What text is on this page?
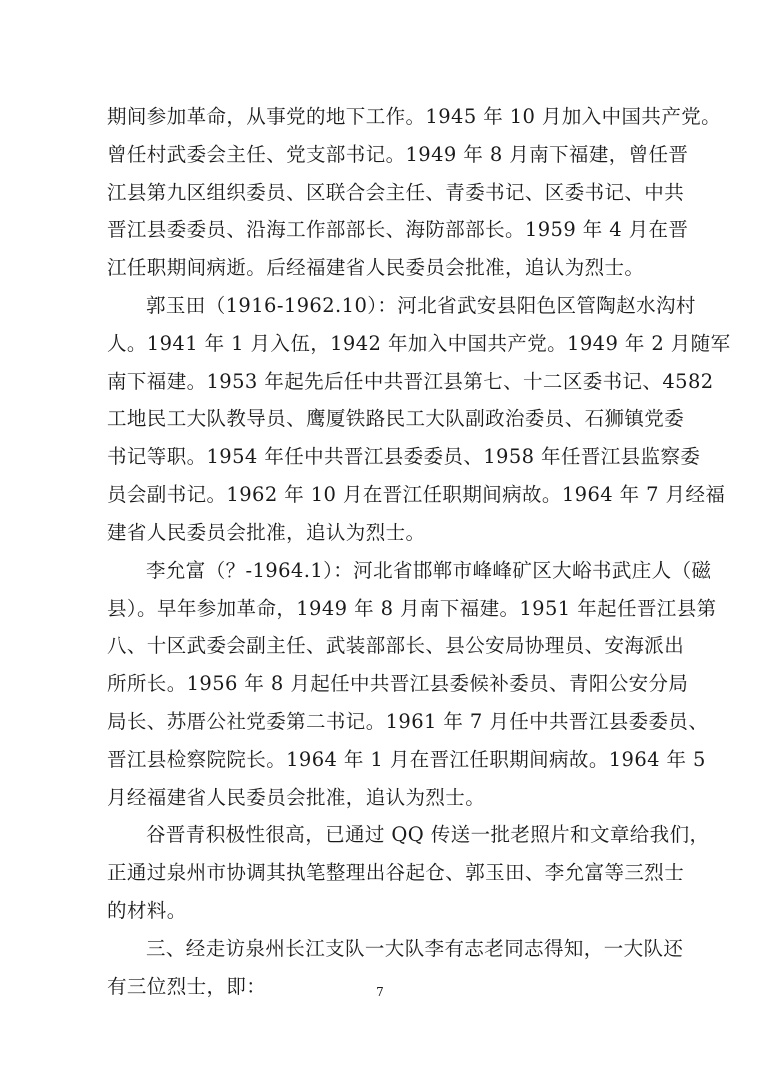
期间参加革命，从事党的地下工作。1945 年 10 月加入中国共产党。
曾任村武委会主任、党支部书记。1949 年 8 月南下福建，曾任晋
江县第九区组织委员、区联合会主任、青委书记、区委书记、中共
晋江县委委员、沿海工作部部长、海防部部长。1959 年 4 月在晋
江任职期间病逝。后经福建省人民委员会批准，追认为烈士。
郭玉田（1916-1962.10）：河北省武安县阳色区管陶赵水沟村
人。1941 年 1 月入伍，1942 年加入中国共产党。1949 年 2 月随军
南下福建。1953 年起先后任中共晋江县第七、十二区委书记、4582
工地民工大队教导员、鹰厦铁路民工大队副政治委员、石狮镇党委
书记等职。1954 年任中共晋江县委委员、1958 年任晋江县监察委
员会副书记。1962 年 10 月在晋江任职期间病故。1964 年 7 月经福
建省人民委员会批准，追认为烈士。
李允富（？-1964.1）：河北省邯郸市峰峰矿区大峪书武庄人（磁
县）。早年参加革命，1949 年 8 月南下福建。1951 年起任晋江县第
八、十区武委会副主任、武装部部长、县公安局协理员、安海派出
所所长。1956 年 8 月起任中共晋江县委候补委员、青阳公安分局
局长、苏厝公社党委第二书记。1961 年 7 月任中共晋江县委委员、
晋江县检察院院长。1964 年 1 月在晋江任职期间病故。1964 年 5
月经福建省人民委员会批准，追认为烈士。
谷晋青积极性很高，已通过 QQ 传送一批老照片和文章给我们，
正通过泉州市协调其执笔整理出谷起仓、郭玉田、李允富等三烈士
的材料。
三、经走访泉州长江支队一大队李有志老同志得知，一大队还
7
有三位烈士，即：
